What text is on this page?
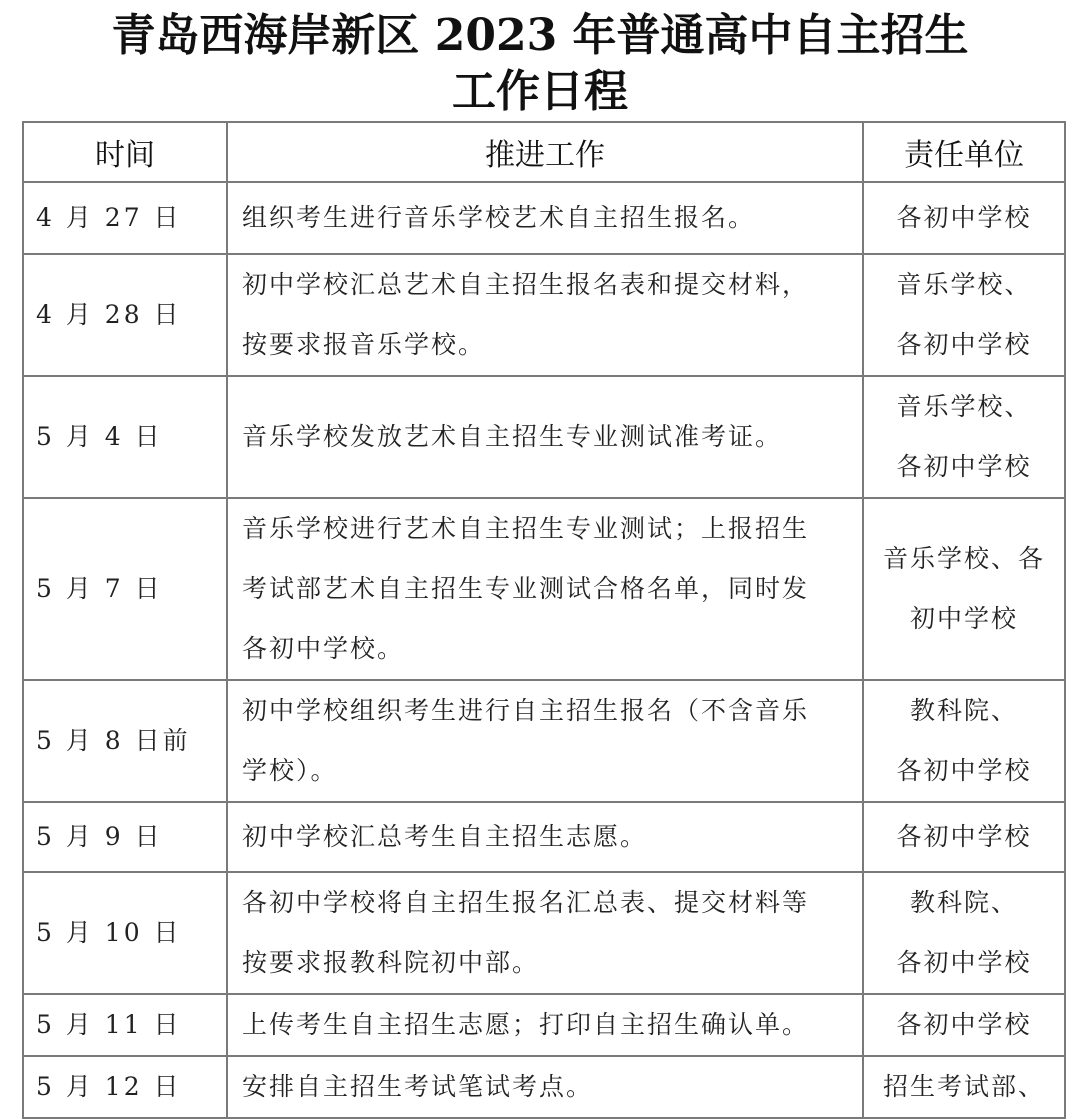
青岛西海岸新区 2023 年普通高中自主招生
工作日程
时间	推进工作	责任单位
4 月 27 日	组织考生进行音乐学校艺术自主招生报名。	各初中学校

4 月 28 日	初中学校汇总艺术自主招生报名表和提交材料，
按要求报音乐学校。	音乐学校、
各初中学校

5 月 4 日	音乐学校发放艺术自主招生专业测试准考证。	音乐学校、
各初中学校

5 月 7 日	音乐学校进行艺术自主招生专业测试；上报招生
考试部艺术自主招生专业测试合格名单，同时发
各初中学校。	音乐学校、各
初中学校

5 月 8 日前	初中学校组织考生进行自主招生报名（不含音乐
学校）。	教科院、
各初中学校

5 月 9 日	初中学校汇总考生自主招生志愿。	各初中学校

5 月 10 日	各初中学校将自主招生报名汇总表、提交材料等
按要求报教科院初中部。	教科院、
各初中学校

5 月 11 日	上传考生自主招生志愿；打印自主招生确认单。	各初中学校

5 月 12 日	安排自主招生考试笔试考点。	招生考试部、
